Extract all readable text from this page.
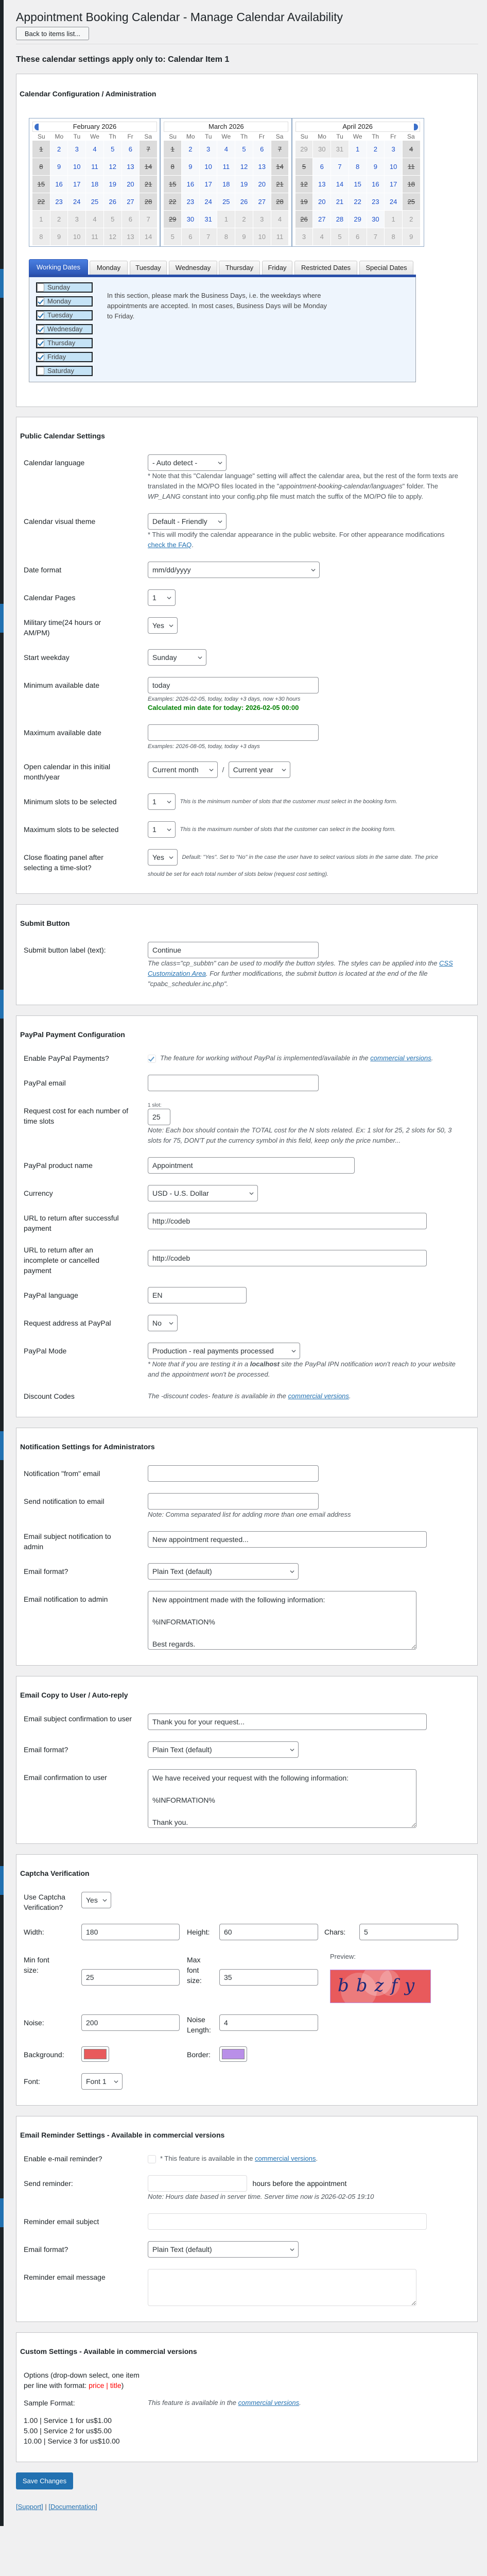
Appointment Booking Calendar - Manage Calendar Availability
Back to items list...
These calendar settings apply only to: Calendar Item 1
Calendar Configuration / Administration
February 2026
Su	Mo	Tu	We	Th	Fr	Sa
1	2	3	4	5	6	7
8	9	10	11	12	13	14
15	16	17	18	19	20	21
22	23	24	25	26	27	28
1	2	3	4	5	6	7
8	9	10	11	12	13	14
March 2026
Su	Mo	Tu	We	Th	Fr	Sa
1	2	3	4	5	6	7
8	9	10	11	12	13	14
15	16	17	18	19	20	21
22	23	24	25	26	27	28
29	30	31	1	2	3	4
5	6	7	8	9	10	11
April 2026
Su	Mo	Tu	We	Th	Fr	Sa
29	30	31	1	2	3	4
5	6	7	8	9	10	11
12	13	14	15	16	17	18
19	20	21	22	23	24	25
26	27	28	29	30	1	2
3	4	5	6	7	8	9
Working Dates	Monday	Tuesday	Wednesday	Thursday	Friday	Restricted Dates	Special Dates
Sunday
Monday
Tuesday
Wednesday
Thursday
Friday
Saturday
In this section, please mark the Business Days, i.e. the weekdays where appointments are accepted. In most cases, Business Days will be Monday to Friday.
Public Calendar Settings
Calendar language	- Auto detect -
* Note that this "Calendar language" setting will affect the calendar area, but the rest of the form texts are translated in the MO/PO files located in the "appointment-booking-calendar/languages" folder. The WP_LANG constant into your config.php file must match the suffix of the MO/PO file to apply.
Calendar visual theme	Default - Friendly
* This will modify the calendar appearance in the public website. For other appearance modifications check the FAQ.
Date format	mm/dd/yyyy
Calendar Pages	1
Military time(24 hours or AM/PM)
Yes
Start weekday	Sunday
Minimum available date
today
Examples: 2026-02-05, today, today +3 days, now +30 hours
Calculated min date for today: 2026-02-05 00:00
Maximum available date
Examples: 2026-08-05, today, today +3 days
Open calendar in this initial month/year
Current month	/ Current year
Minimum slots to be selected	1	This is the minimum number of slots that the customer must select in the booking form.
Maximum slots to be selected	1	This is the maximum number of slots that the customer can select in the booking form.
Close floating panel after selecting a time-slot?
Yes	Default: "Yes". Set to "No" in the case the user have to select various slots in the same date. The price
should be set for each total number of slots below (request cost setting).
Submit Button
Submit button label (text):
Continue
The class="cp_subbtn" can be used to modify the button styles. The styles can be applied into the CSS Customization Area. For further modifications, the submit button is located at the end of the file "cpabc_scheduler.inc.php".
PayPal Payment Configuration
Enable PayPal Payments?	The feature for working without PayPal is implemented/available in the commercial versions.
PayPal email
Request cost for each number of time slots
1 slot:
25
Note: Each box should contain the TOTAL cost for the N slots related. Ex: 1 slot for 25, 2 slots for 50, 3 slots for 75, DON'T put the currency symbol in this field, keep only the price number...
PayPal product name
Appointment
Currency	USD - U.S. Dollar
URL to return after successful payment
http://codeb
URL to return after an incomplete or cancelled payment
http://codeb
PayPal language
EN
Request address at PayPal	No
PayPal Mode	Production - real payments processed
* Note that if you are testing it in a localhost site the PayPal IPN notification won't reach to your website and the appointment won't be processed.
Discount Codes	The -discount codes- feature is available in the commercial versions.
Notification Settings for Administrators
Notification "from" email
Send notification to email
Note: Comma separated list for adding more than one email address
Email subject notification to admin
New appointment requested...
Email format?	Plain Text (default)
Email notification to admin
New appointment made with the following information: %INFORMATION% Best regards.
Email Copy to User / Auto-reply
Email subject confirmation to user
Thank you for your request...
Email format?	Plain Text (default)
Email confirmation to user
We have received your request with the following information: %INFORMATION% Thank you.
Captcha Verification
Use Captcha Verification?
Yes
Width:
180	Height:
60	Chars:
5
Min font size:
25
Max font size:
35
Preview:
bbzfy
Noise:
200	Noise Length:
4
Background:	Border:
Font:	Font 1
Email Reminder Settings - Available in commercial versions
Enable e-mail reminder?	* This feature is available in the commercial versions.
Send reminder:	hours before the appointment
Note: Hours date based in server time. Server time now is 2026-02-05 19:10
Reminder email subject
Email format?	Plain Text (default)
Reminder email message
Custom Settings - Available in commercial versions
Options (drop-down select, one item per line with format: price | title)
Sample Format:	This feature is available in the commercial versions.
1.00 | Service 1 for us$1.00
5.00 | Service 2 for us$5.00
10.00 | Service 3 for us$10.00
Save Changes
[Support] | [Documentation]
